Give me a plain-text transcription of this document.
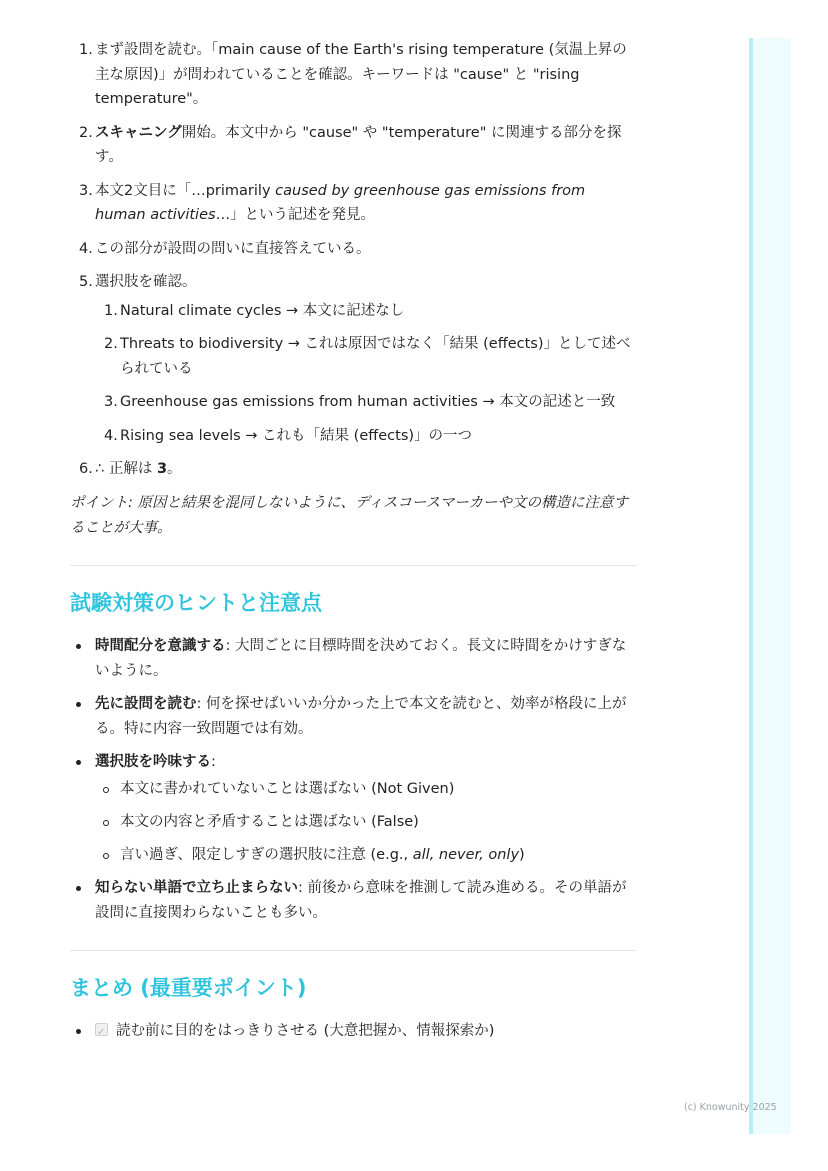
1. まず設問を読む。「main cause of the Earth's rising temperature (気温上昇の主な原因)」が問われていることを確認。キーワードは "cause" と "rising temperature"。
2. スキャニング開始。本文中から "cause" や "temperature" に関連する部分を探す。
3. 本文2文目に「…primarily caused by greenhouse gas emissions from human activities…」という記述を発見。
4. この部分が設問の問いに直接答えている。
5. 選択肢を確認。
1. Natural climate cycles → 本文に記述なし
2. Threats to biodiversity → これは原因ではなく「結果 (effects)」として述べられている
3. Greenhouse gas emissions from human activities → 本文の記述と一致
4. Rising sea levels → これも「結果 (effects)」の一つ
6. ∴ 正解は 3。

ポイント: 原因と結果を混同しないように、ディスコースマーカーや文の構造に注意することが大事。

試験対策のヒントと注意点
時間配分を意識する: 大問ごとに目標時間を決めておく。長文に時間をかけすぎないように。
先に設問を読む: 何を探せばいいか分かった上で本文を読むと、効率が格段に上がる。特に内容一致問題では有効。
選択肢を吟味する:
本文に書かれていないことは選ばない (Not Given)
本文の内容と矛盾することは選ばない (False)
言い過ぎ、限定しすぎの選択肢に注意 (e.g., all, never, only)
知らない単語で立ち止まらない: 前後から意味を推測して読み進める。その単語が設問に直接関わらないことも多い。
まとめ (最重要ポイント)
✓読む前に目的をはっきりさせる (大意把握か、情報探索か)
(c) Knowunity 2025
